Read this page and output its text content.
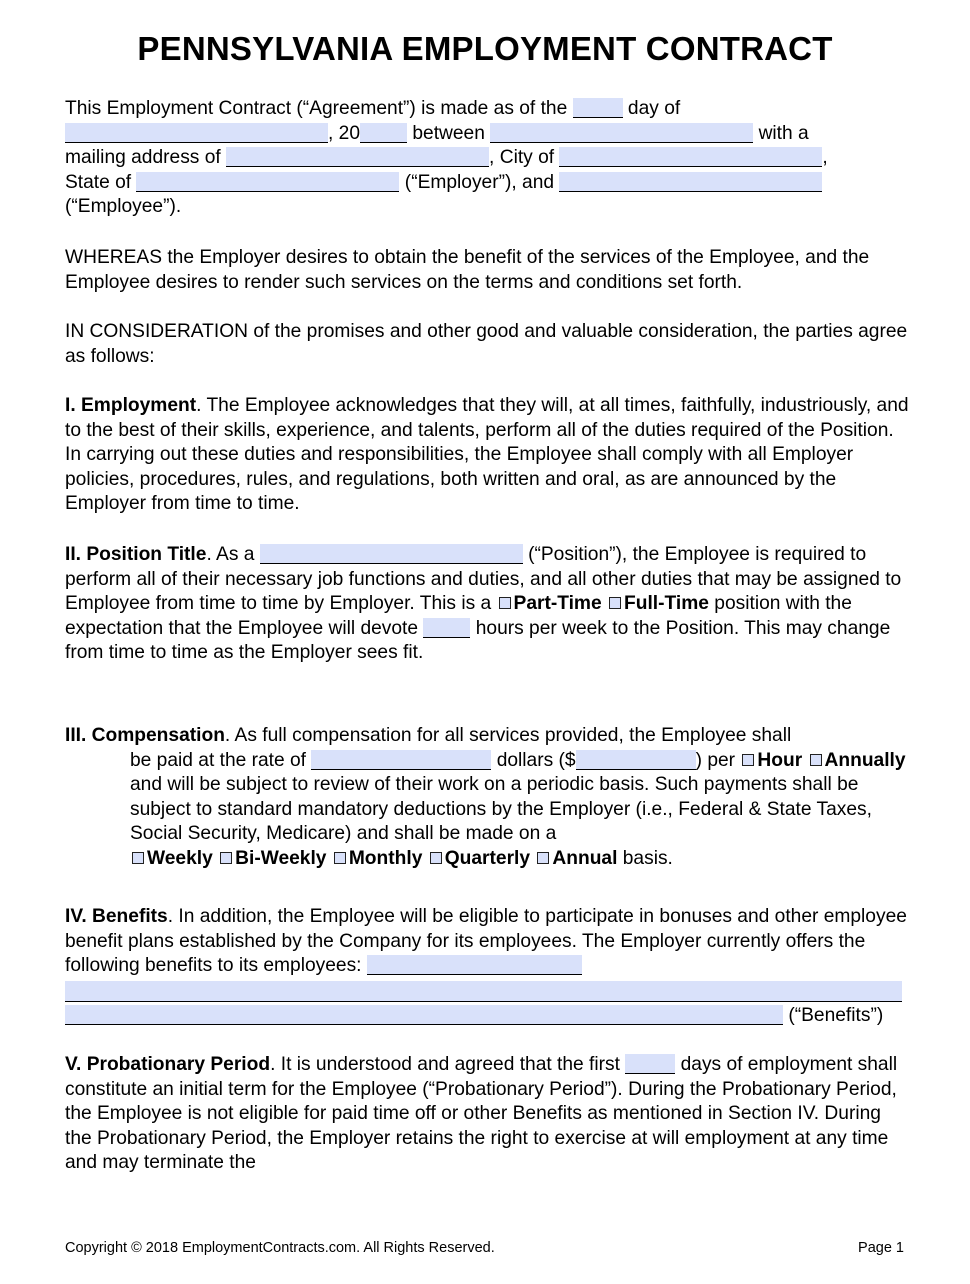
PENNSYLVANIA EMPLOYMENT CONTRACT
This Employment Contract (“Agreement”) is made as of the	day of
, 20 between	with a
mailing address of	, City of	,
State of	(“Employer”), and
(“Employee”).
WHEREAS the Employer desires to obtain the benefit of the services of the Employee, and the Employee desires to render such services on the terms and conditions set forth.
IN CONSIDERATION of the promises and other good and valuable consideration, the parties agree as follows:
I. Employment. The Employee acknowledges that they will, at all times, faithfully, industriously, and to the best of their skills, experience, and talents, perform all of the duties required of the Position. In carrying out these duties and responsibilities, the Employee shall comply with all Employer policies, procedures, rules, and regulations, both written and oral, as are announced by the Employer from time to time.
II. Position Title. As a	(“Position”), the Employee is required to perform all of their necessary job functions and duties, and all other duties that may be assigned to Employee from time to time by Employer. This is a Part-Time Full-Time position with the expectation that the Employee will devote  hours per week to the Position. This may change from time to time as the Employer sees fit.
III. Compensation. As full compensation for all services provided, the Employee shall
be paid at the rate of	dollars ($	) per Hour Annually and will be subject to review of their work on a periodic basis. Such payments shall be subject to standard mandatory deductions by the Employer (i.e., Federal & State Taxes, Social Security, Medicare) and shall be made on a
Weekly Bi-Weekly Monthly Quarterly Annual basis.
IV. Benefits. In addition, the Employee will be eligible to participate in bonuses and other employee benefit plans established by the Company for its employees. The Employer currently offers the following benefits to its employees:
(“Benefits”)
V. Probationary Period. It is understood and agreed that the first	days of employment shall constitute an initial term for the Employee (“Probationary Period”). During the Probationary Period, the Employee is not eligible for paid time off or other Benefits as mentioned in Section IV. During the Probationary Period, the Employer retains the right to exercise at will employment at any time and may terminate the
Copyright © 2018 EmploymentContracts.com. All Rights Reserved.	Page 1
